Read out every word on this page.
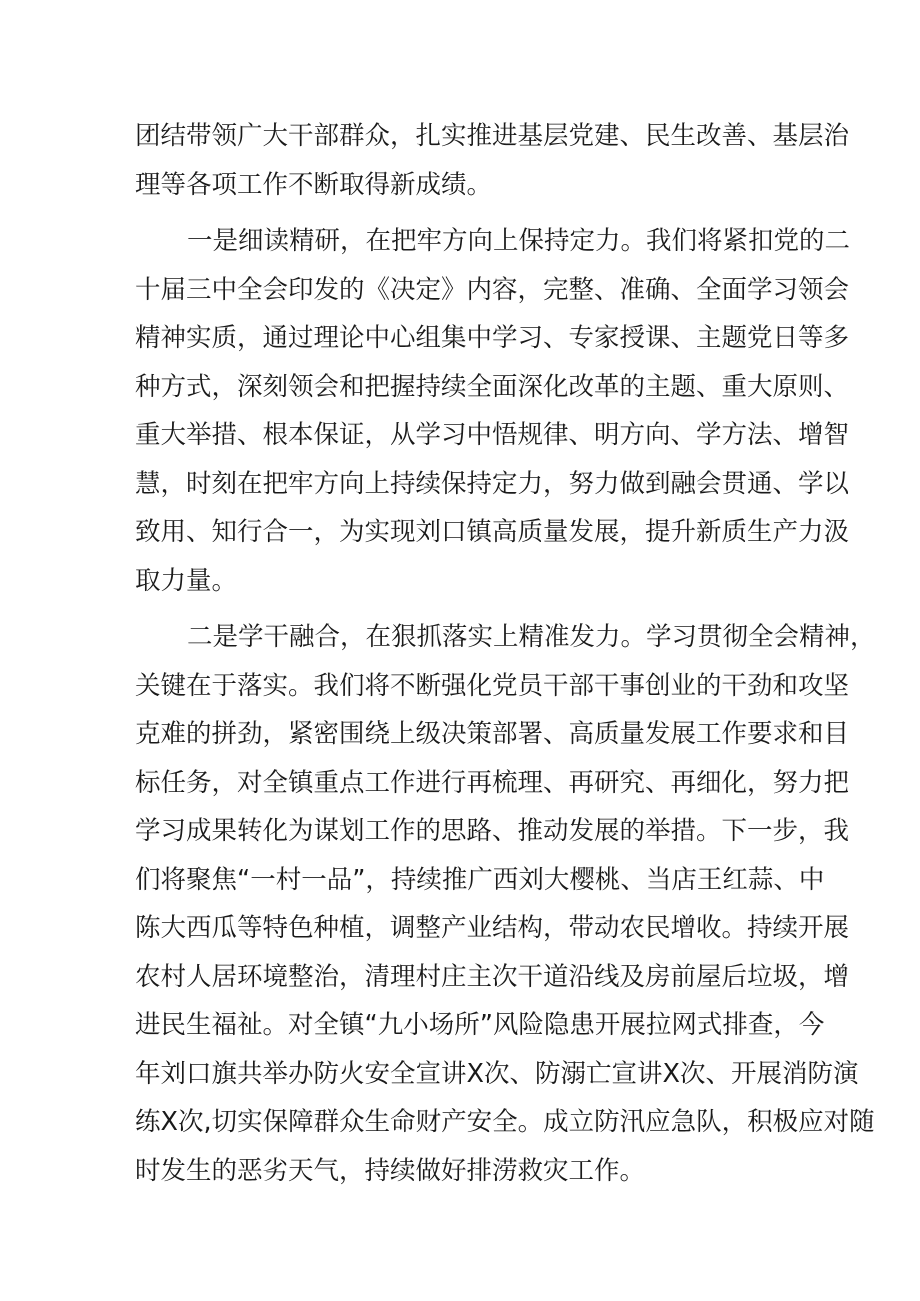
团结带领广大干部群众，扎实推进基层党建、民生改善、基层治
理等各项工作不断取得新成绩。
一是细读精研，在把牢方向上保持定力。我们将紧扣党的二
十届三中全会印发的《决定》内容，完整、准确、全面学习领会
精神实质，通过理论中心组集中学习、专家授课、主题党日等多
种方式，深刻领会和把握持续全面深化改革的主题、重大原则、
重大举措、根本保证，从学习中悟规律、明方向、学方法、增智
慧，时刻在把牢方向上持续保持定力，努力做到融会贯通、学以
致用、知行合一，为实现刘口镇高质量发展，提升新质生产力汲
取力量。
二是学干融合，在狠抓落实上精准发力。学习贯彻全会精神，
关键在于落实。我们将不断强化党员干部干事创业的干劲和攻坚
克难的拼劲，紧密围绕上级决策部署、高质量发展工作要求和目
标任务，对全镇重点工作进行再梳理、再研究、再细化，努力把
学习成果转化为谋划工作的思路、推动发展的举措。下一步，我
们将聚焦“一村一品”，持续推广西刘大樱桃、当店王红蒜、中
陈大西瓜等特色种植，调整产业结构，带动农民增收。持续开展
农村人居环境整治，清理村庄主次干道沿线及房前屋后垃圾，增
进民生福祉。对全镇“九小场所”风险隐患开展拉网式排查，今
年刘口旗共举办防火安全宣讲X次、防溺亡宣讲X次、开展消防演
练X次,切实保障群众生命财产安全。成立防汛应急队，积极应对随
时发生的恶劣天气，持续做好排涝救灾工作。
